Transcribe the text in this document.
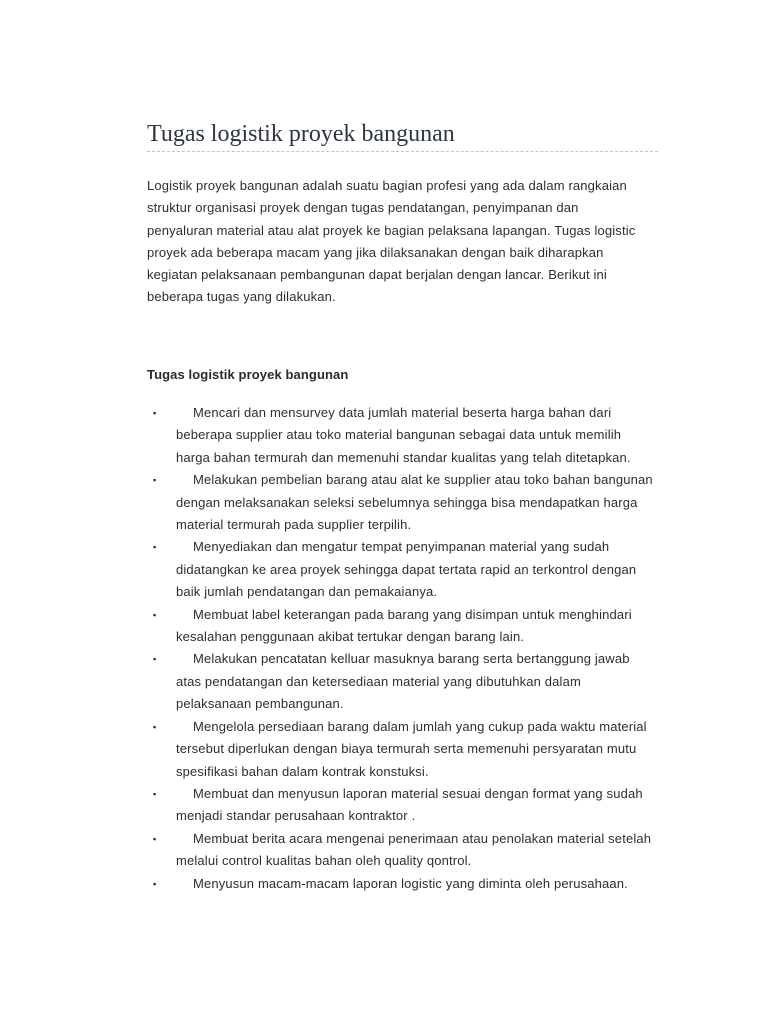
Tugas logistik proyek bangunan

Logistik proyek bangunan adalah suatu bagian profesi yang ada dalam rangkaian struktur organisasi proyek dengan tugas pendatangan, penyimpanan dan penyaluran material atau alat proyek ke bagian pelaksana lapangan. Tugas logistic proyek ada beberapa macam yang jika dilaksanakan dengan baik diharapkan kegiatan pelaksanaan pembangunan dapat berjalan dengan lancar. Berikut ini beberapa tugas yang dilakukan.

Tugas logistik proyek bangunan
▪	Mencari dan mensurvey data jumlah material beserta harga bahan dari beberapa supplier atau toko material bangunan sebagai data untuk memilih harga bahan termurah dan memenuhi standar kualitas yang telah ditetapkan.
▪	Melakukan pembelian barang atau alat ke supplier atau toko bahan bangunan dengan melaksanakan seleksi sebelumnya sehingga bisa mendapatkan harga material termurah pada supplier terpilih.
▪	Menyediakan dan mengatur tempat penyimpanan material yang sudah didatangkan ke area proyek sehingga dapat tertata rapid an terkontrol dengan baik jumlah pendatangan dan pemakaianya.
▪	Membuat label keterangan pada barang yang disimpan untuk menghindari kesalahan penggunaan akibat tertukar dengan barang lain.
▪	Melakukan pencatatan kelluar masuknya barang serta bertanggung jawab atas pendatangan dan ketersediaan material yang dibutuhkan dalam pelaksanaan pembangunan.
▪	Mengelola persediaan barang dalam jumlah yang cukup pada waktu material tersebut diperlukan dengan biaya termurah serta memenuhi persyaratan mutu spesifikasi bahan dalam kontrak konstuksi.
▪	Membuat dan menyusun laporan material sesuai dengan format yang sudah menjadi standar perusahaan kontraktor .
▪	Membuat berita acara mengenai penerimaan atau penolakan material setelah melalui control kualitas bahan oleh quality qontrol.
▪	Menyusun macam-macam laporan logistic yang diminta oleh perusahaan.
